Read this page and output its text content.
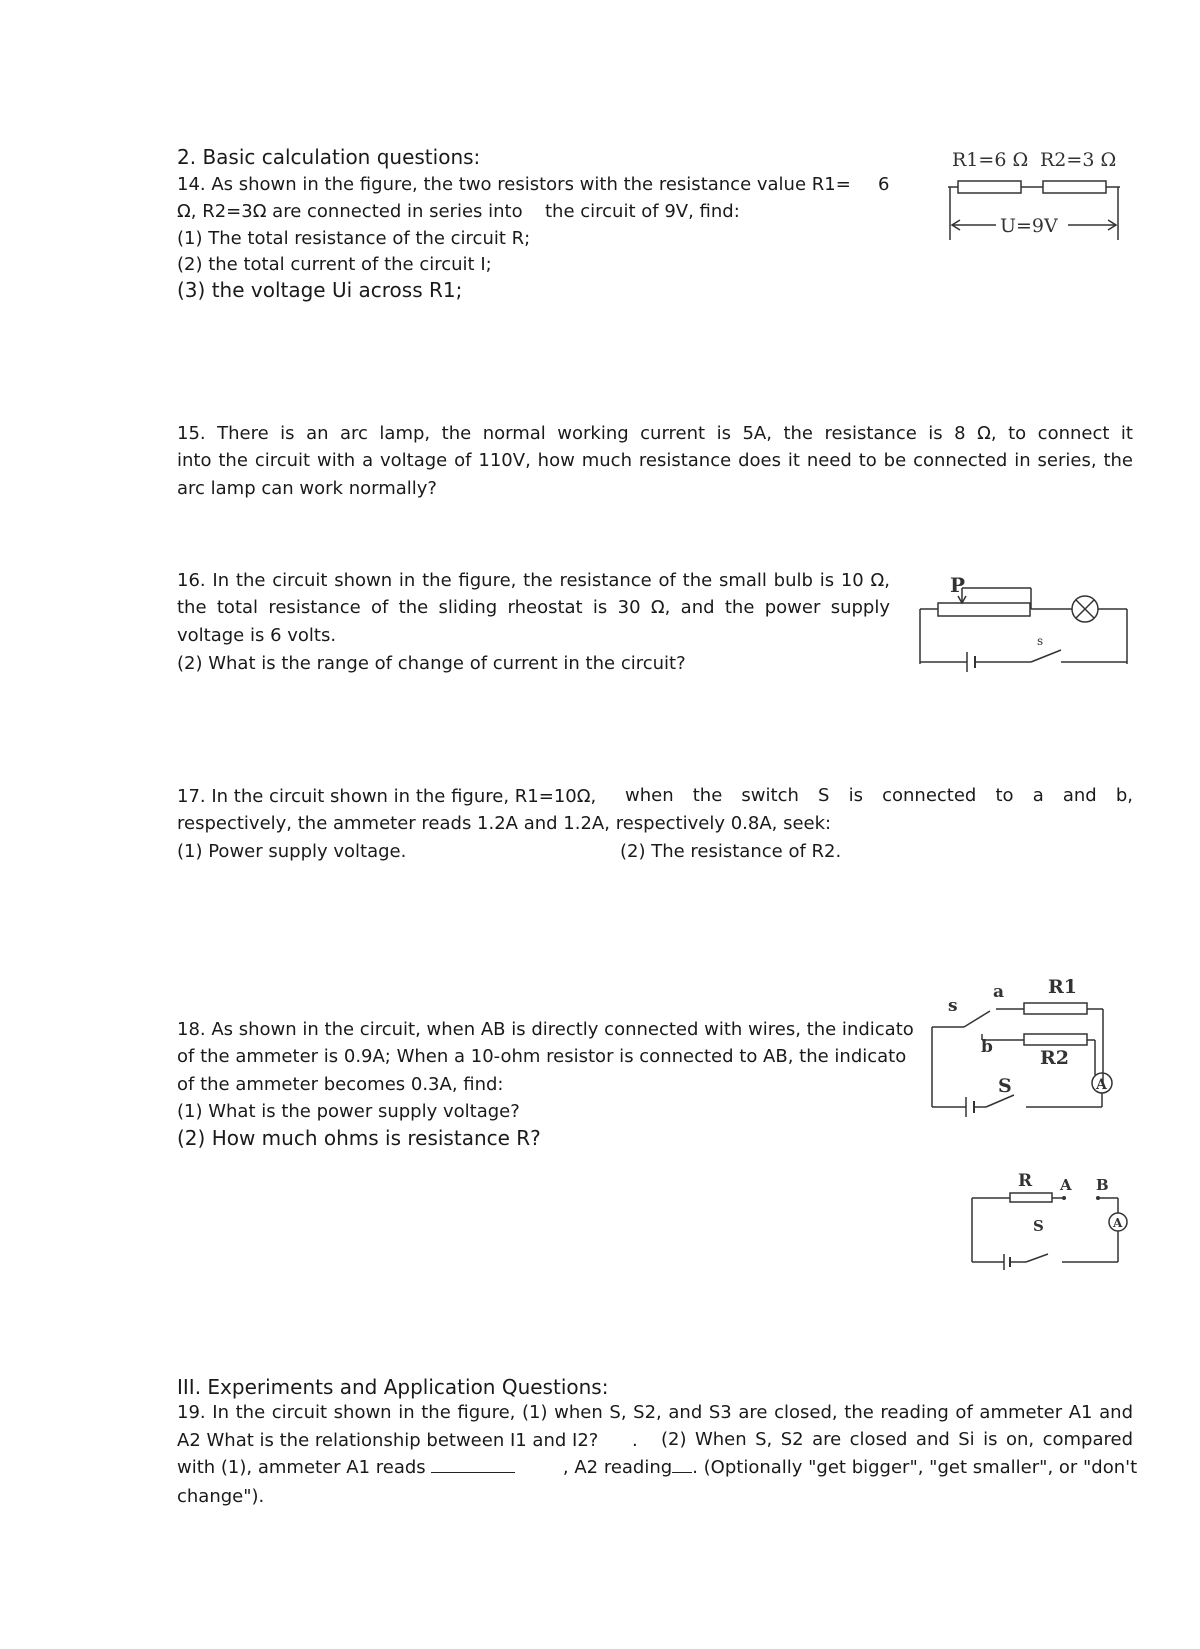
2. Basic calculation questions:
14. As shown in the figure, the two resistors with the resistance value R1= 6
Ω, R2=3Ω are connected in series into the circuit of 9V, find:
(1) The total resistance of the circuit R;
(2) the total current of the circuit I;
(3) the voltage Ui across R1;
R1=6 Ω R2=3 Ω
U=9V
15. There is an arc lamp, the normal working current is 5A, the resistance is 8 Ω, to connect it
into the circuit with a voltage of 110V, how much resistance does it need to be connected in series, the
arc lamp can work normally?
16. In the circuit shown in the figure, the resistance of the small bulb is 10 Ω,
the total resistance of the sliding rheostat is 30 Ω, and the power supply
voltage is 6 volts.
(2) What is the range of change of current in the circuit?
P
s
17. In the circuit shown in the figure, R1=10Ω, when the switch S is connected to a and b,
respectively, the ammeter reads 1.2A and 1.2A, respectively 0.8A, seek:
(1) Power supply voltage.	(2) The resistance of R2.
s
a R1
b R2
A
S
18. As shown in the circuit, when AB is directly connected with wires, the indicato
of the ammeter is 0.9A; When a 10-ohm resistor is connected to AB, the indicato
of the ammeter becomes 0.3A, find:
(1) What is the power supply voltage?
(2) How much ohms is resistance R?
R A B
A
S
III. Experiments and Application Questions:
19. In the circuit shown in the figure, (1) when S, S2, and S3 are closed, the reading of ammeter A1 and
A2 What is the relationship between I1 and I2? . (2) When S, S2 are closed and Si is on, compared
with (1), ammeter A1 reads	, A2 reading . (Optionally "get bigger", "get smaller", or "don't
change").
